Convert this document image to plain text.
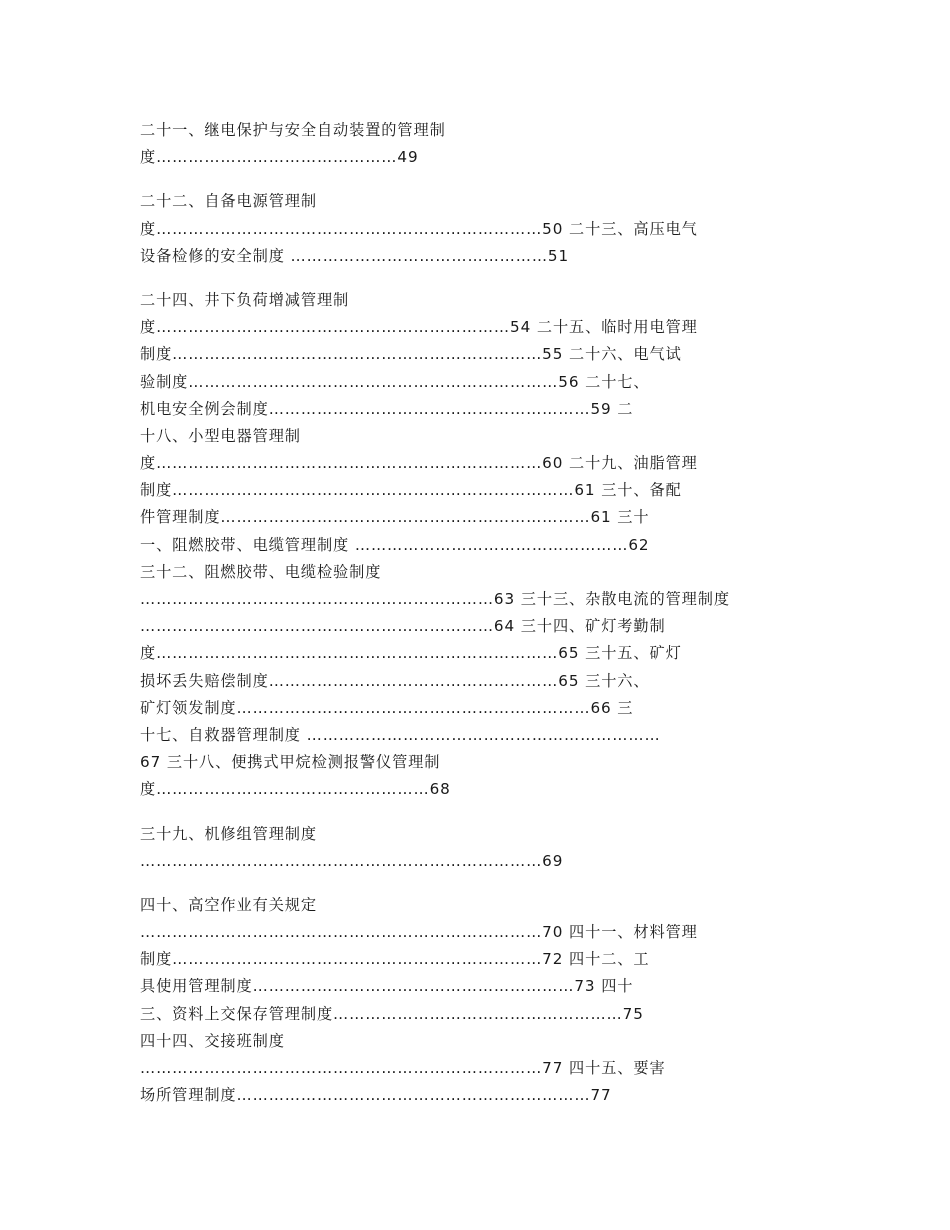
二十一、继电保护与安全自动装置的管理制
度………………………………………49
二十二、自备电源管理制
度………………………………………………………………50 二十三、高压电气
设备检修的安全制度 …………………………………………51
二十四、井下负荷增减管理制
度…………………………………………………………54 二十五、临时用电管理
制度……………………………………………………………55 二十六、电气试
验制度……………………………………………………………56 二十七、
机电安全例会制度……………………………………………………59 二
十八、小型电器管理制
度………………………………………………………………60 二十九、油脂管理
制度…………………………………………………………………61 三十、备配
件管理制度……………………………………………………………61 三十
一、阻燃胶带、电缆管理制度 ……………………………………………62
三十二、阻燃胶带、电缆检验制度
…………………………………………………………63 三十三、杂散电流的管理制度
…………………………………………………………64 三十四、矿灯考勤制
度…………………………………………………………………65 三十五、矿灯
损坏丢失赔偿制度………………………………………………65 三十六、
矿灯领发制度…………………………………………………………66 三
十七、自救器管理制度 …………………………………………………………
67 三十八、便携式甲烷检测报警仪管理制
度……………………………………………68
三十九、机修组管理制度
…………………………………………………………………69
四十、高空作业有关规定
…………………………………………………………………70 四十一、材料管理
制度……………………………………………………………72 四十二、工
具使用管理制度……………………………………………………73 四十
三、资料上交保存管理制度………………………………………………75
四十四、交接班制度
…………………………………………………………………77 四十五、要害
场所管理制度…………………………………………………………77
